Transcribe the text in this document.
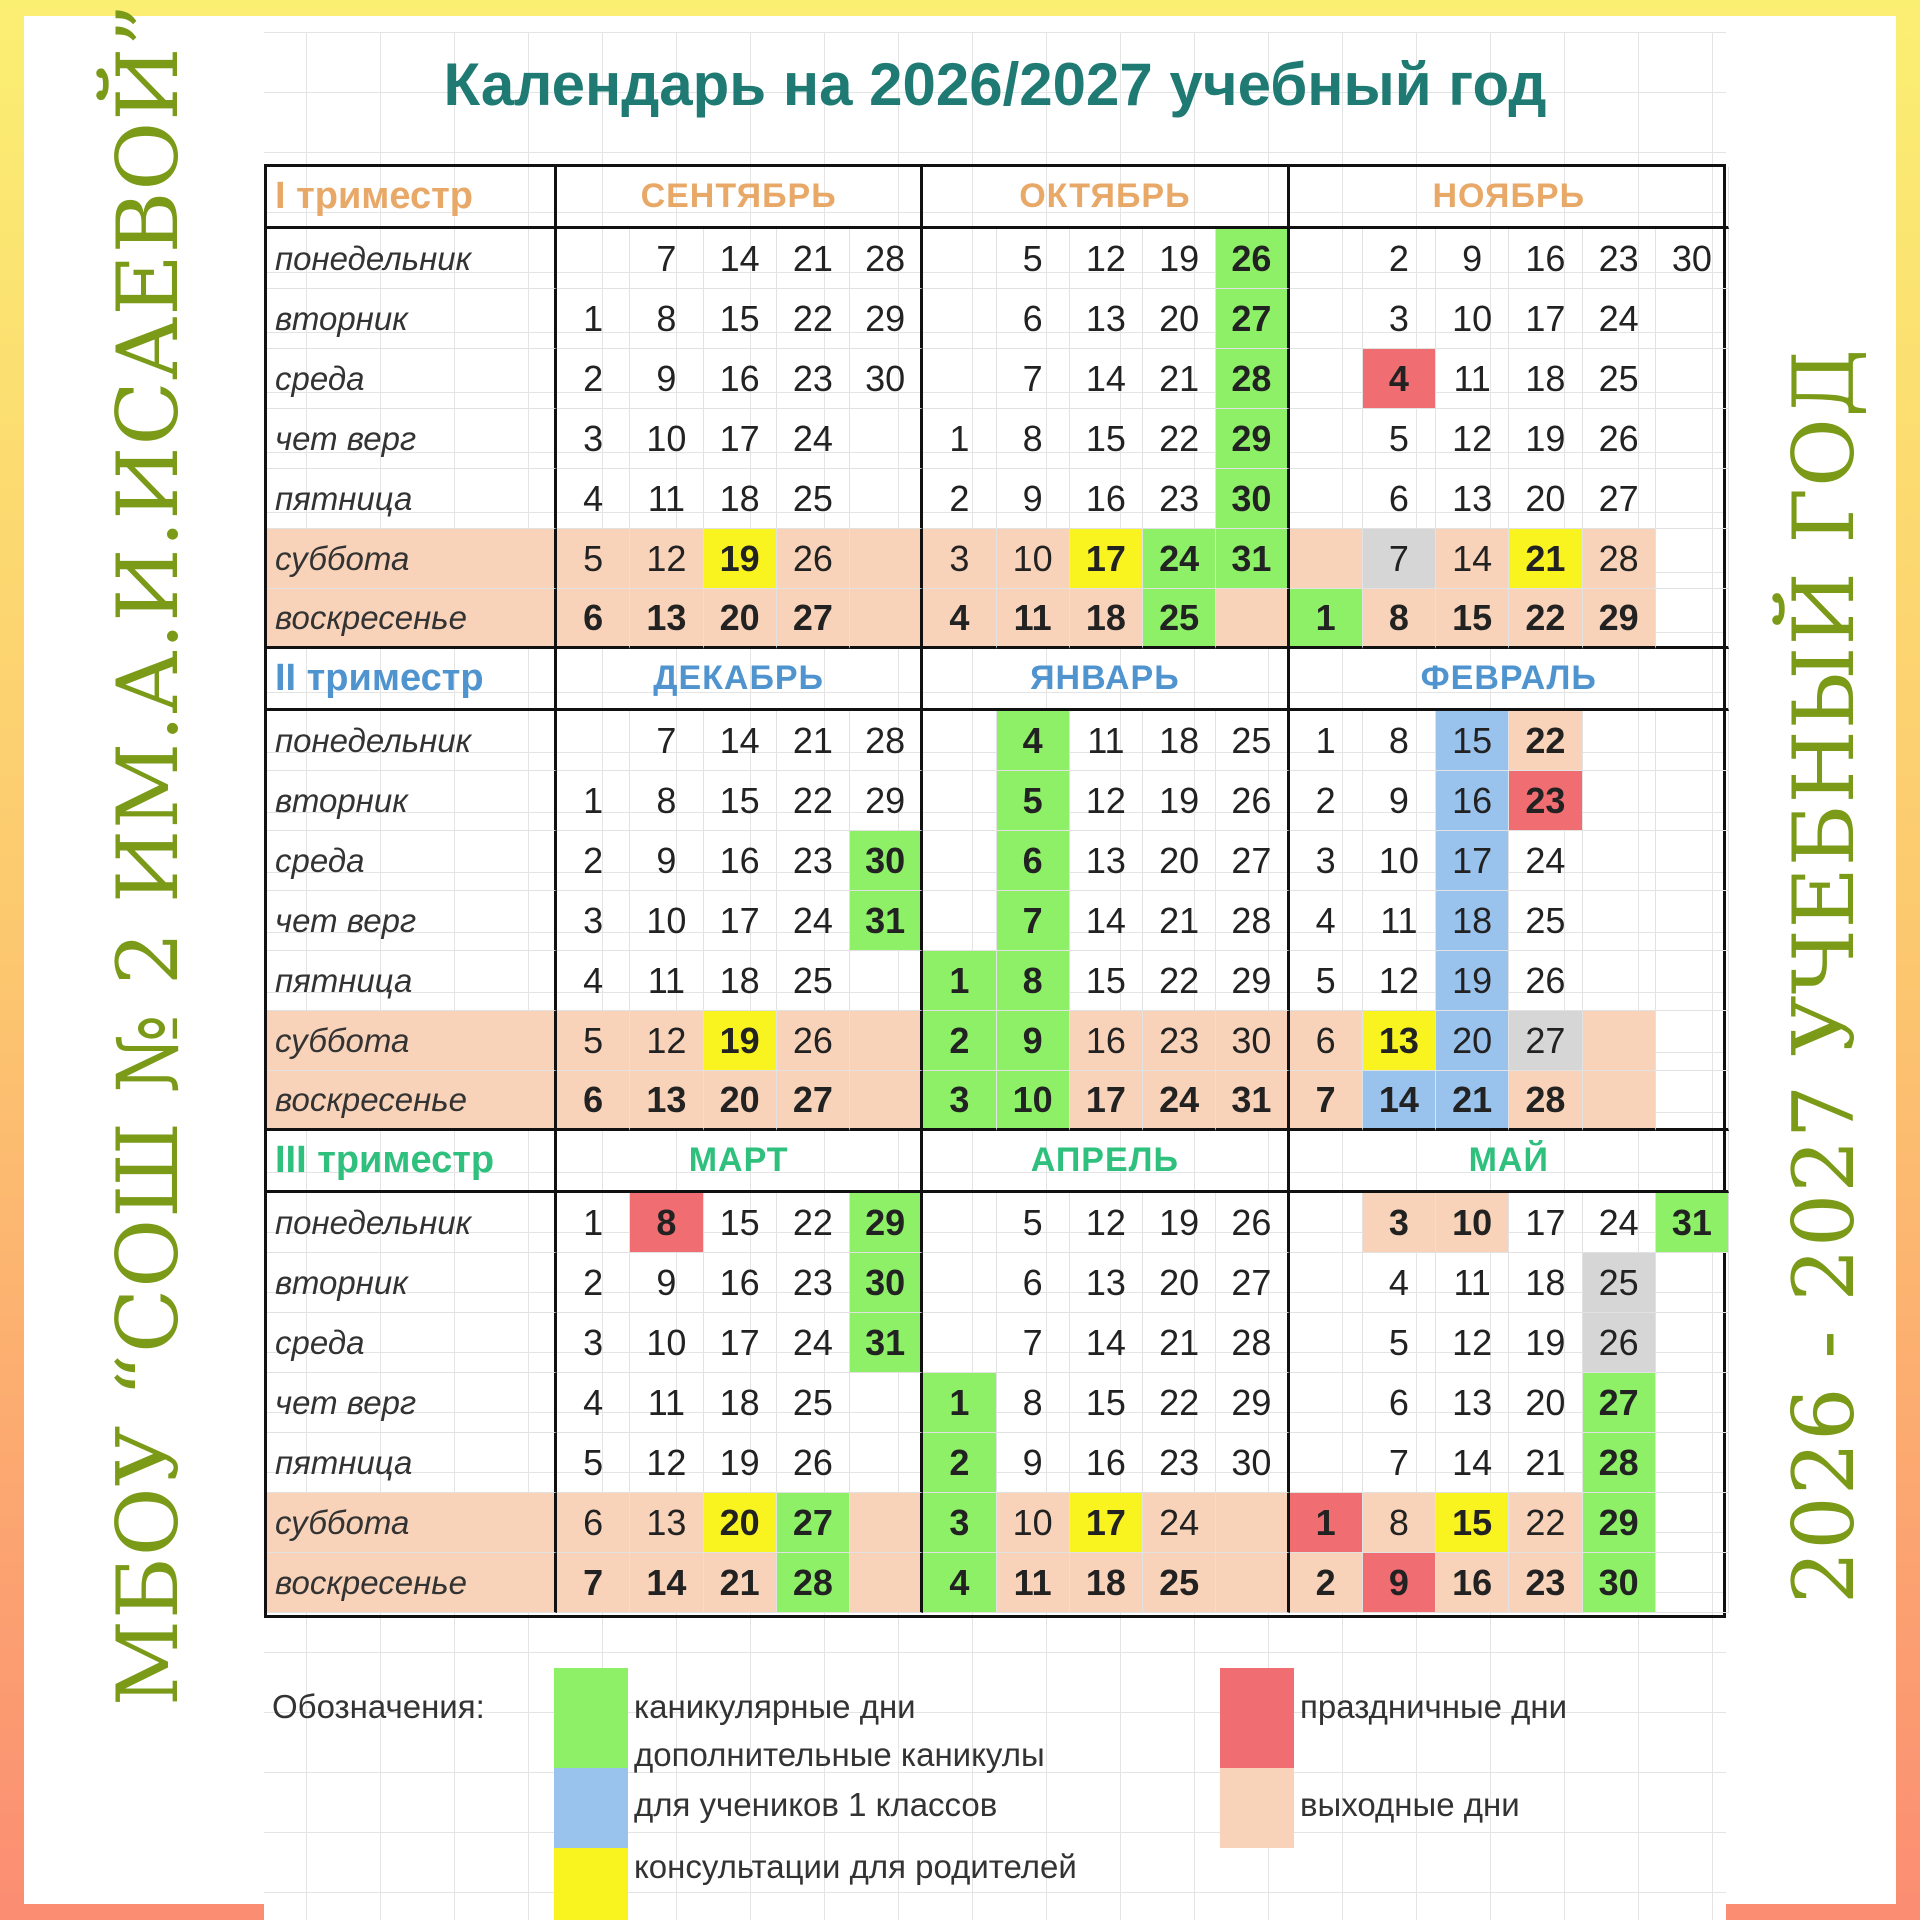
МБОУ “СОШ № 2 ИМ.А.И.ИСАЕВОЙ”	2026 - 2027 УЧЕБНЫЙ ГОД
Календарь на 2026/2027 учебный год
I триместр
понедельник
вторник
среда
чет верг
пятница
суббота
воскресенье
СЕНТЯБРЬ
1
2
3
4
5
6
7
8
9
10
11
12
13
14
15
16
17
18
19
20
21
22
23
24
25
26
27
28
29
30
ОКТЯБРЬ
1
2
3
4
5
6
7
8
9
10
11
12
13
14
15
16
17
18
19
20
21
22
23
24
25
26
27
28
29
30
31
НОЯБРЬ
1
2
3
4
5
6
7
8
9
10
11
12
13
14
15
16
17
18
19
20
21
22
23
24
25
26
27
28
29
30
II триместр
понедельник
вторник
среда
чет верг
пятница
суббота
воскресенье
ДЕКАБРЬ
1
2
3
4
5
6
7
8
9
10
11
12
13
14
15
16
17
18
19
20
21
22
23
24
25
26
27
28
29
30
31
ЯНВАРЬ
1
2
3
4
5
6
7
8
9
10
11
12
13
14
15
16
17
18
19
20
21
22
23
24
25
26
27
28
29
30
31
ФЕВРАЛЬ
1
2
3
4
5
6
7
8
9
10
11
12
13
14
15
16
17
18
19
20
21
22
23
24
25
26
27
28
III триместр
понедельник
вторник
среда
чет верг
пятница
суббота
воскресенье
МАРТ
1
2
3
4
5
6
7
8
9
10
11
12
13
14
15
16
17
18
19
20
21
22
23
24
25
26
27
28
29
30
31
АПРЕЛЬ
1
2
3
4
5
6
7
8
9
10
11
12
13
14
15
16
17
18
19
20
21
22
23
24
25
26
27
28
29
30
МАЙ
1
2
3
4
5
6
7
8
9
10
11
12
13
14
15
16
17
18
19
20
21
22
23
24
25
26
27
28
29
30
31
Обозначения:	каникулярные дни
дополнительные каникулы
для учеников 1 классов
консультации для родителей
праздничные дни
выходные дни
